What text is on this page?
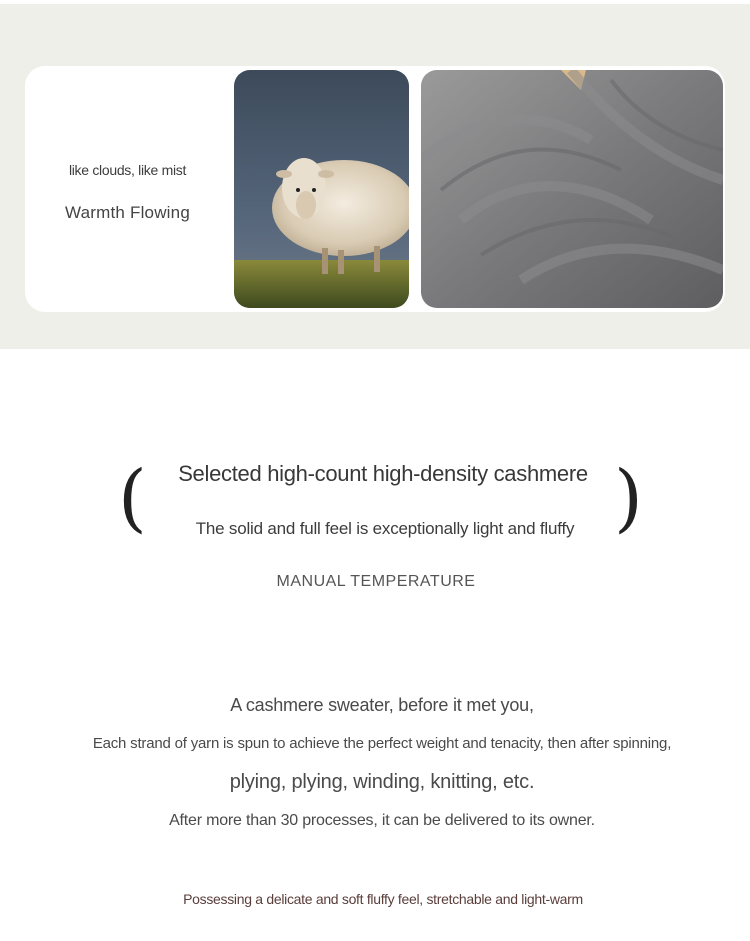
like clouds, like mist
Warmth Flowing
(	)
Selected high-count high-density cashmere
The solid and full feel is exceptionally light and fluffy
MANUAL TEMPERATURE
A cashmere sweater, before it met you,
Each strand of yarn is spun to achieve the perfect weight and tenacity, then after spinning,
plying, plying, winding, knitting, etc.
After more than 30 processes, it can be delivered to its owner.
Possessing a delicate and soft fluffy feel, stretchable and light-warm
